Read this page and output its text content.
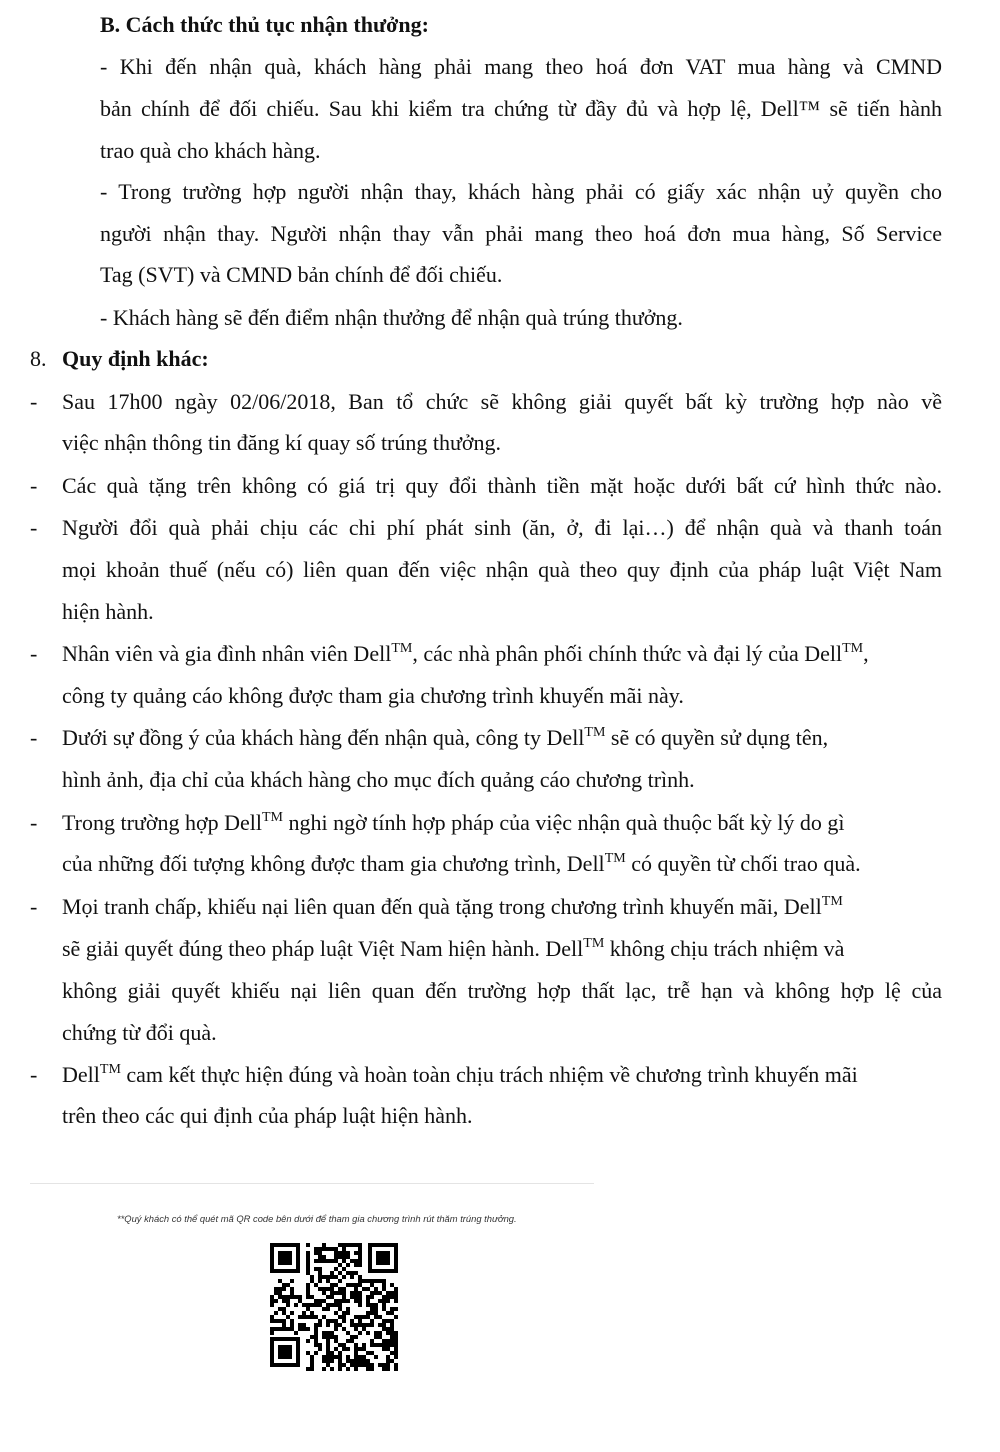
B. Cách thức thủ tục nhận thưởng:
- Khi đến nhận quà, khách hàng phải mang theo hoá đơn VAT mua hàng và CMND
bản chính để đối chiếu. Sau khi kiểm tra chứng từ đầy đủ và hợp lệ, Dell™ sẽ tiến hành
trao quà cho khách hàng.
- Trong trường hợp người nhận thay, khách hàng phải có giấy xác nhận uỷ quyền cho
người nhận thay. Người nhận thay vẫn phải mang theo hoá đơn mua hàng, Số Service
Tag (SVT) và CMND bản chính để đối chiếu.
- Khách hàng sẽ đến điểm nhận thưởng để nhận quà trúng thưởng.
8. Quy định khác:
- Sau 17h00 ngày 02/06/2018, Ban tổ chức sẽ không giải quyết bất kỳ trường hợp nào về
việc nhận thông tin đăng kí quay số trúng thưởng.
- Các quà tặng trên không có giá trị quy đổi thành tiền mặt hoặc dưới bất cứ hình thức nào.
- Người đổi quà phải chịu các chi phí phát sinh (ăn, ở, đi lại…) để nhận quà và thanh toán
mọi khoản thuế (nếu có) liên quan đến việc nhận quà theo quy định của pháp luật Việt Nam
hiện hành.
- Nhân viên và gia đình nhân viên Dell™, các nhà phân phối chính thức và đại lý của Dell™,
công ty quảng cáo không được tham gia chương trình khuyến mãi này.
- Dưới sự đồng ý của khách hàng đến nhận quà, công ty Dell™ sẽ có quyền sử dụng tên,
hình ảnh, địa chỉ của khách hàng cho mục đích quảng cáo chương trình.
- Trong trường hợp Dell™ nghi ngờ tính hợp pháp của việc nhận quà thuộc bất kỳ lý do gì
của những đối tượng không được tham gia chương trình, Dell™ có quyền từ chối trao quà.
- Mọi tranh chấp, khiếu nại liên quan đến quà tặng trong chương trình khuyến mãi, Dell™
sẽ giải quyết đúng theo pháp luật Việt Nam hiện hành. Dell™ không chịu trách nhiệm và
không giải quyết khiếu nại liên quan đến trường hợp thất lạc, trễ hạn và không hợp lệ của
chứng từ đổi quà.
- Dell™ cam kết thực hiện đúng và hoàn toàn chịu trách nhiệm về chương trình khuyến mãi
trên theo các qui định của pháp luật hiện hành.
**Quý khách có thể quét mã QR code bên dưới để tham gia chương trình rút thăm trúng thưởng.
